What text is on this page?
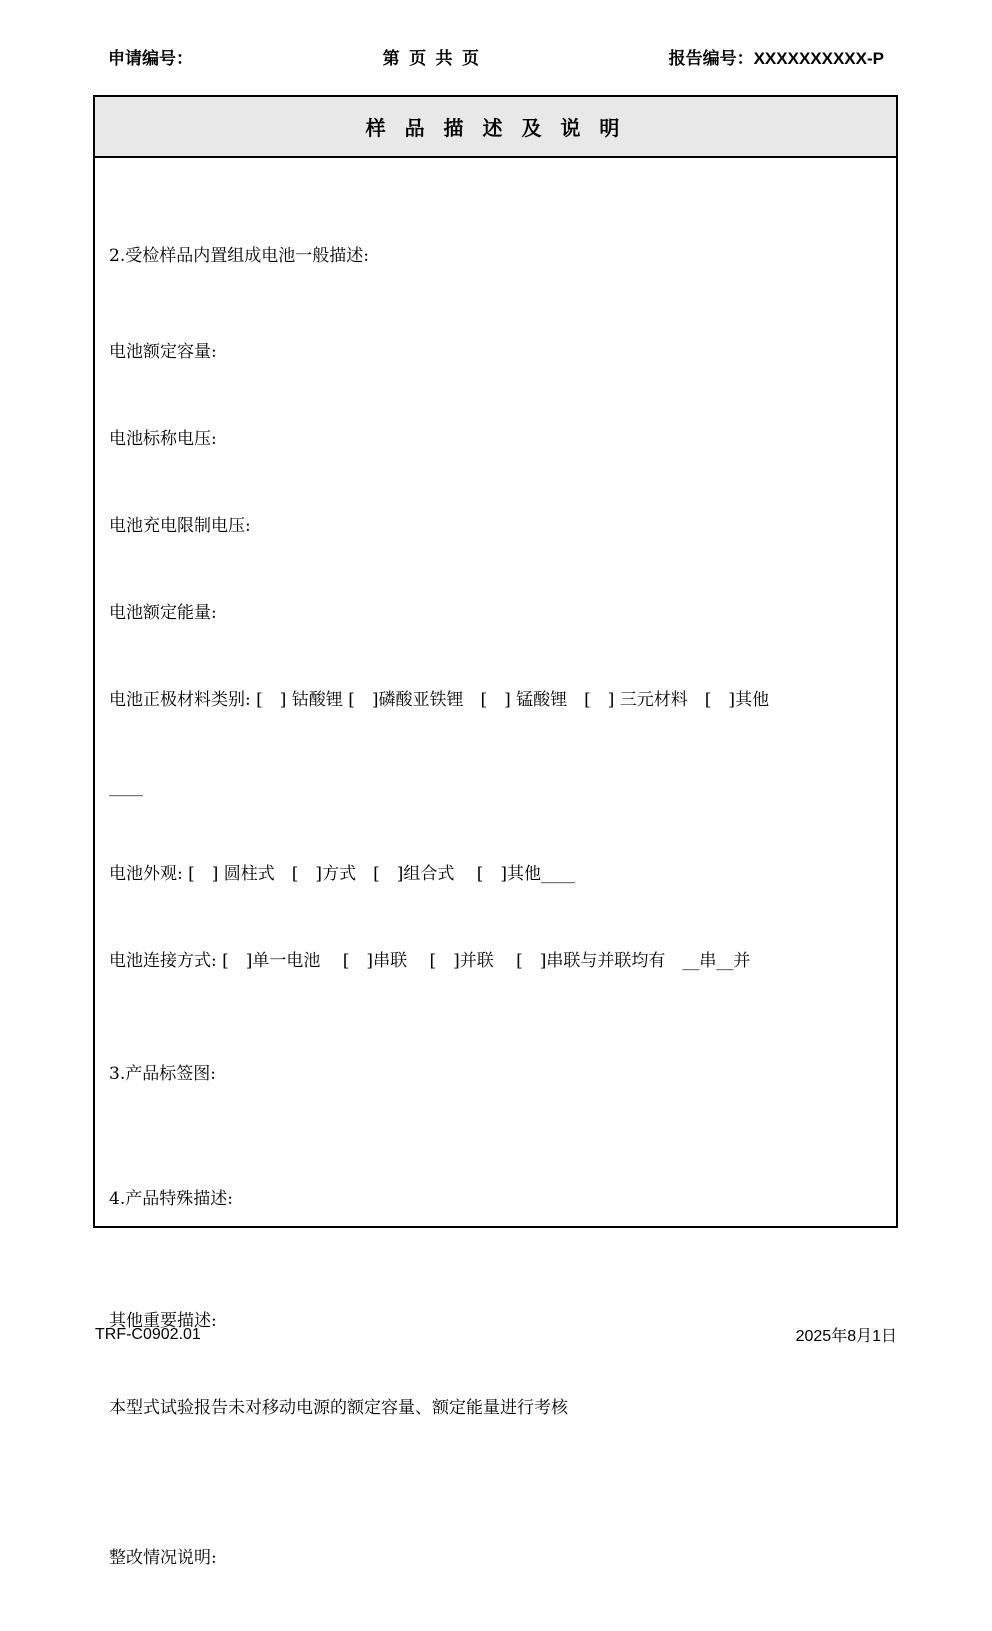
申请编号：	第  页  共  页	报告编号：XXXXXXXXXX-P
样 品 描 述 及 说 明

2.受检样品内置组成电池一般描述:

电池额定容量:

电池标称电压:

电池充电限制电压:

电池额定能量:

电池正极材料类别: [　] 钴酸锂 [　]磷酸亚铁锂　[　] 锰酸锂　[　] 三元材料　[　]其他

____

电池外观: [　] 圆柱式　[　]方式　[　]组合式　 [　]其他____

电池连接方式: [　]单一电池　 [　]串联　 [　]并联　 [　]串联与并联均有　__串__并

3.产品标签图:

4.产品特殊描述:

其他重要描述:

本型式试验报告未对移动电源的额定容量、额定能量进行考核

整改情况说明:

TRF-C0902.01	2025年8月1日
